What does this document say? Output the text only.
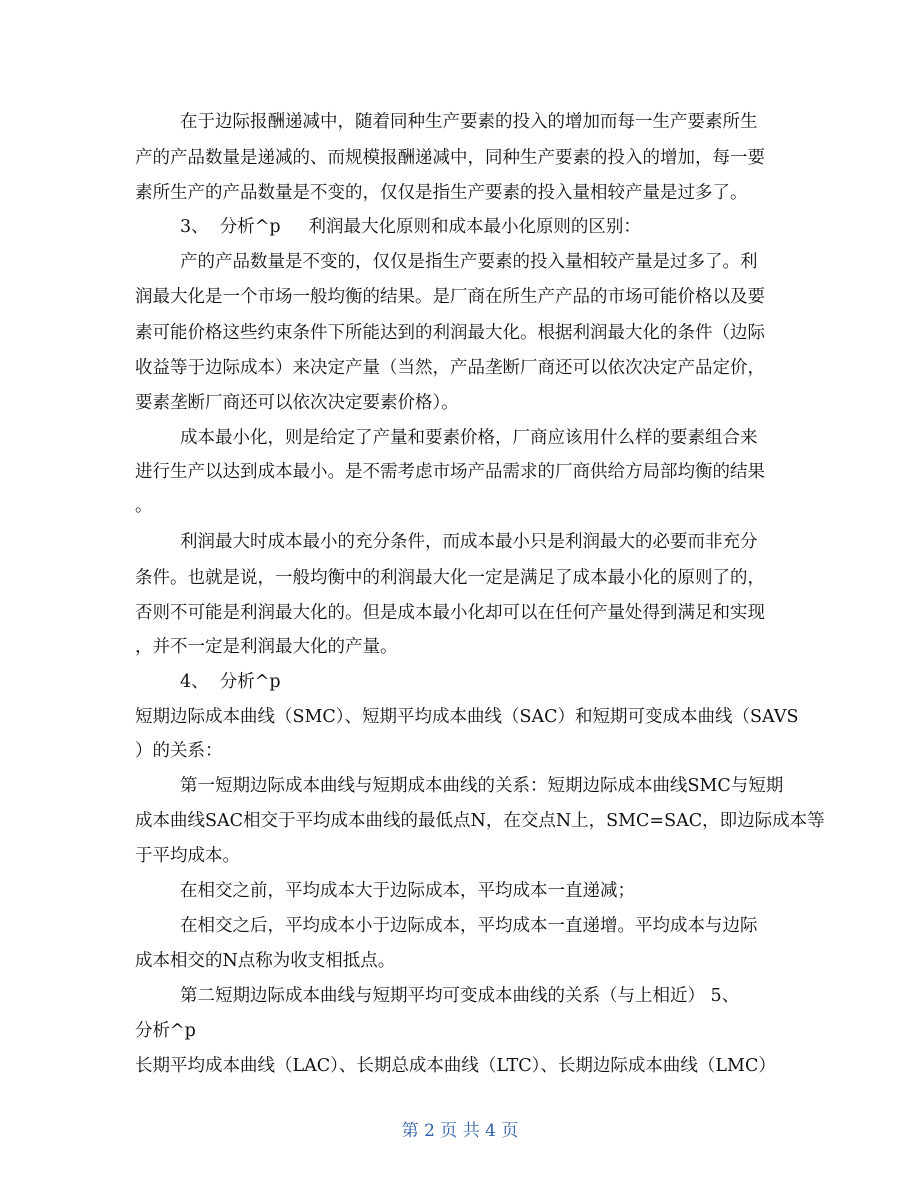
在于边际报酬递减中，随着同种生产要素的投入的增加而每一生产要素所生
产的产品数量是递减的、而规模报酬递减中，同种生产要素的投入的增加，每一要
素所生产的产品数量是不变的，仅仅是指生产要素的投入量相较产量是过多了。
3、  分析^p     利润最大化原则和成本最小化原则的区别：
产的产品数量是不变的，仅仅是指生产要素的投入量相较产量是过多了。利
润最大化是一个市场一般均衡的结果。是厂商在所生产产品的市场可能价格以及要
素可能价格这些约束条件下所能达到的利润最大化。根据利润最大化的条件（边际
收益等于边际成本）来决定产量（当然，产品垄断厂商还可以依次决定产品定价，
要素垄断厂商还可以依次决定要素价格）。
成本最小化，则是给定了产量和要素价格，厂商应该用什么样的要素组合来
进行生产以达到成本最小。是不需考虑市场产品需求的厂商供给方局部均衡的结果
。
利润最大时成本最小的充分条件，而成本最小只是利润最大的必要而非充分
条件。也就是说，一般均衡中的利润最大化一定是满足了成本最小化的原则了的，
否则不可能是利润最大化的。但是成本最小化却可以在任何产量处得到满足和实现
，并不一定是利润最大化的产量。
4、  分析^p
短期边际成本曲线（SMC）、短期平均成本曲线（SAC）和短期可变成本曲线（SAVS
）的关系：
第一短期边际成本曲线与短期成本曲线的关系：短期边际成本曲线SMC与短期
成本曲线SAC相交于平均成本曲线的最低点N，在交点N上，SMC=SAC，即边际成本等
于平均成本。
在相交之前，平均成本大于边际成本，平均成本一直递减；
在相交之后，平均成本小于边际成本，平均成本一直递增。平均成本与边际
成本相交的N点称为收支相抵点。
第二短期边际成本曲线与短期平均可变成本曲线的关系（与上相近） 5、
分析^p
长期平均成本曲线（LAC）、长期总成本曲线（LTC）、长期边际成本曲线（LMC）
第 2 页 共 4 页
